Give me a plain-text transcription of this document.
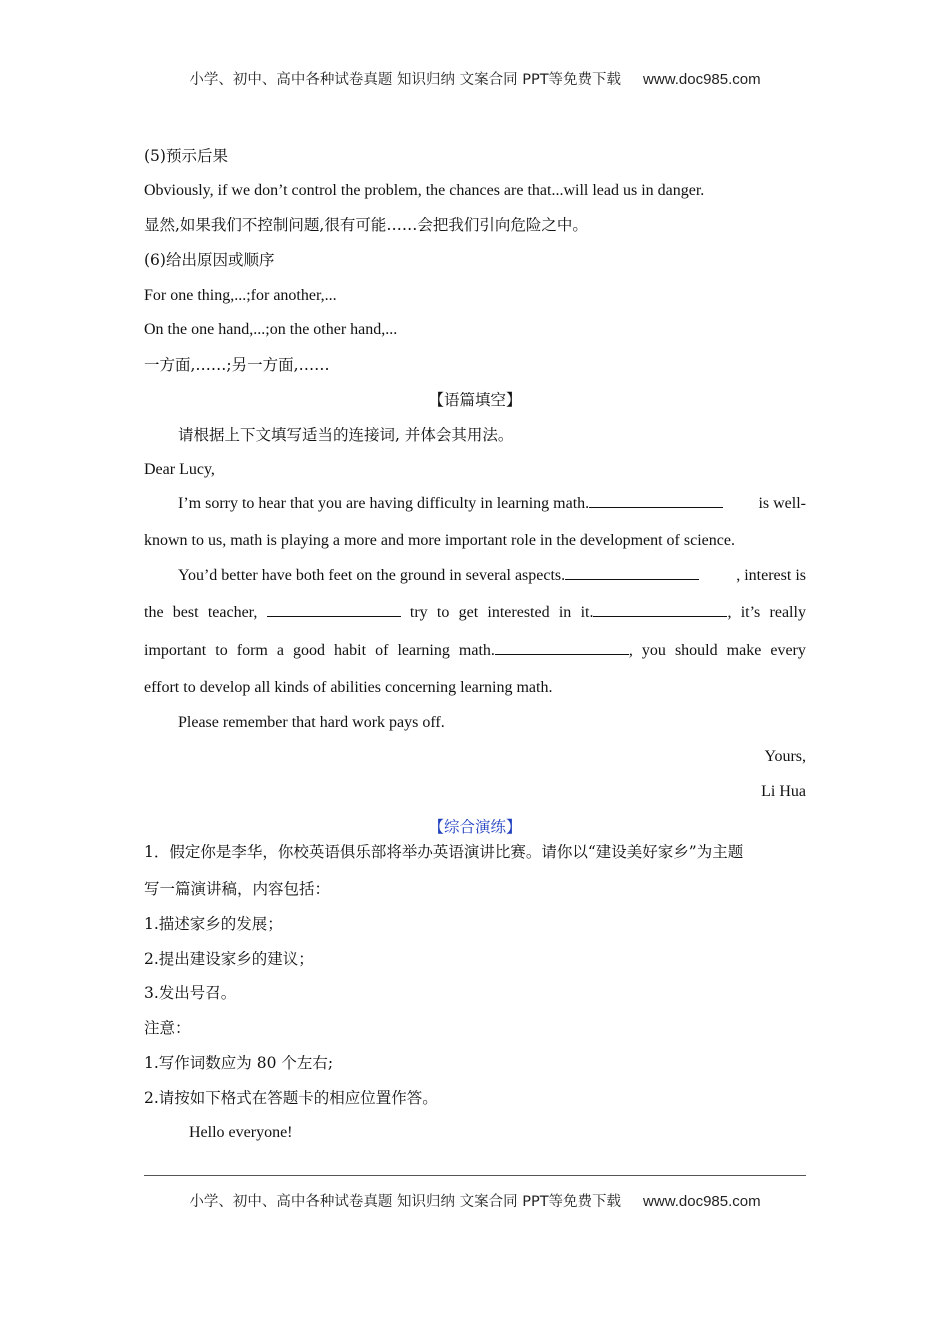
小学、初中、高中各种试卷真题 知识归纳 文案合同 PPT等免费下载 www.doc985.com
(5)预示后果
Obviously, if we don’t control the problem, the chances are that...will lead us in danger.
显然,如果我们不控制问题,很有可能……会把我们引向危险之中。
(6)给出原因或顺序
For one thing,...;for another,...
On the one hand,...;on the other hand,...
一方面,……;另一方面,……
【语篇填空】
请根据上下文填写适当的连接词, 并体会其用法。
Dear Lucy,
I’m sorry to hear that you are having difficulty in learning math.	is well-
known to us, math is playing a more and more important role in the development of science.
You’d better have both feet on the ground in several aspects.	, interest is
the best teacher,	try to get interested in it.	, it’s really
important to form a good habit of learning math.	, you should make every
effort to develop all kinds of abilities concerning learning math.
Please remember that hard work pays off.
Yours,
Li Hua
【综合演练】
1．假定你是李华，你校英语俱乐部将举办英语演讲比赛。请你以“建设美好家乡”为主题
写一篇演讲稿，内容包括：
1.描述家乡的发展；
2.提出建设家乡的建议；
3.发出号召。
注意：
1.写作词数应为 80 个左右;
2.请按如下格式在答题卡的相应位置作答。
Hello everyone!
小学、初中、高中各种试卷真题 知识归纳 文案合同 PPT等免费下载 www.doc985.com
